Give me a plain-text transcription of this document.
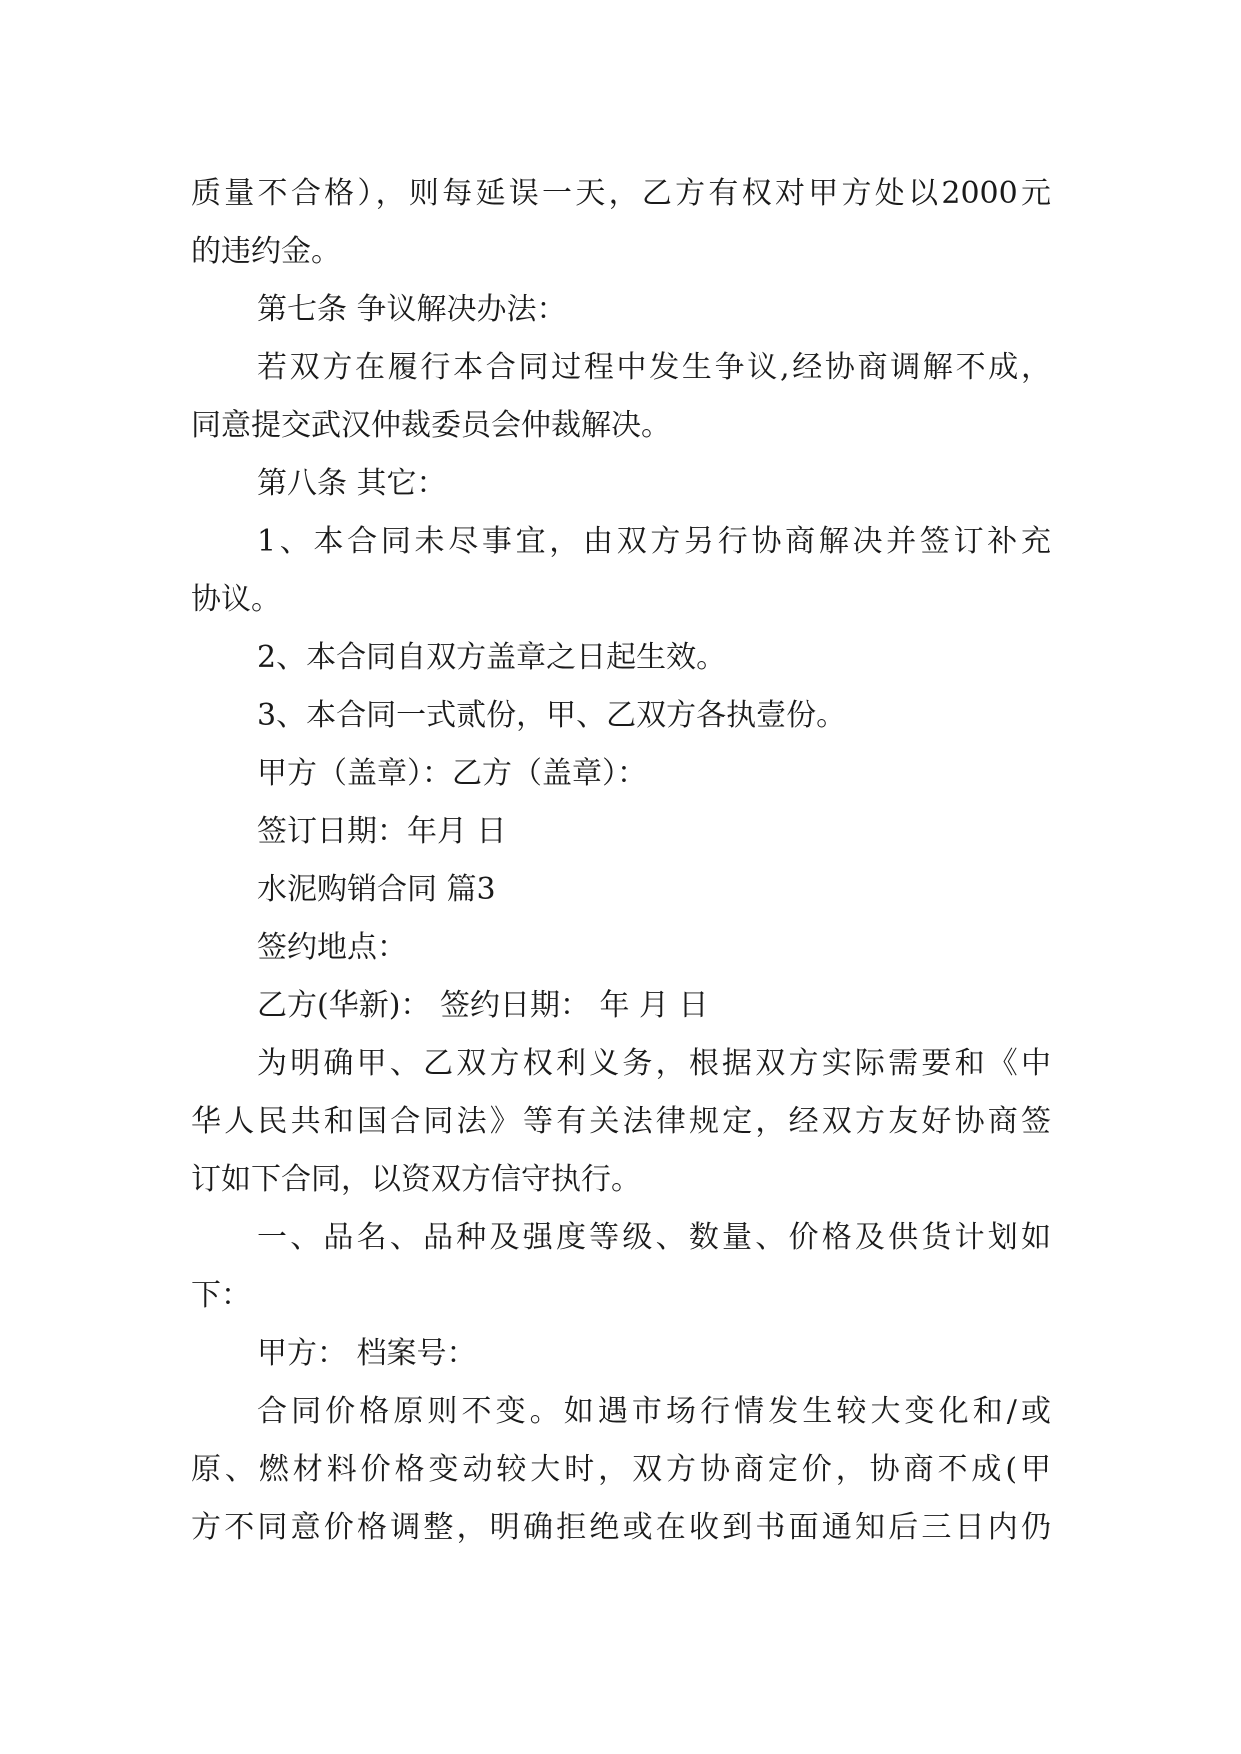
质量不合格），则每延误一天，乙方有权对甲方处以2000元
的违约金。
第七条 争议解决办法：
若双方在履行本合同过程中发生争议,经协商调解不成，
同意提交武汉仲裁委员会仲裁解决。
第八条 其它：
1、本合同未尽事宜，由双方另行协商解决并签订补充
协议。
2、本合同自双方盖章之日起生效。
3、本合同一式贰份，甲、乙双方各执壹份。
甲方（盖章）：乙方（盖章）：
签订日期：年月 日
水泥购销合同 篇3
签约地点：
乙方(华新)： 签约日期： 年 月 日
为明确甲、乙双方权利义务，根据双方实际需要和《中
华人民共和国合同法》等有关法律规定，经双方友好协商签
订如下合同，以资双方信守执行。
一、品名、品种及强度等级、数量、价格及供货计划如
下：
甲方： 档案号：
合同价格原则不变。如遇市场行情发生较大变化和/或
原、燃材料价格变动较大时，双方协商定价，协商不成(甲
方不同意价格调整，明确拒绝或在收到书面通知后三日内仍
